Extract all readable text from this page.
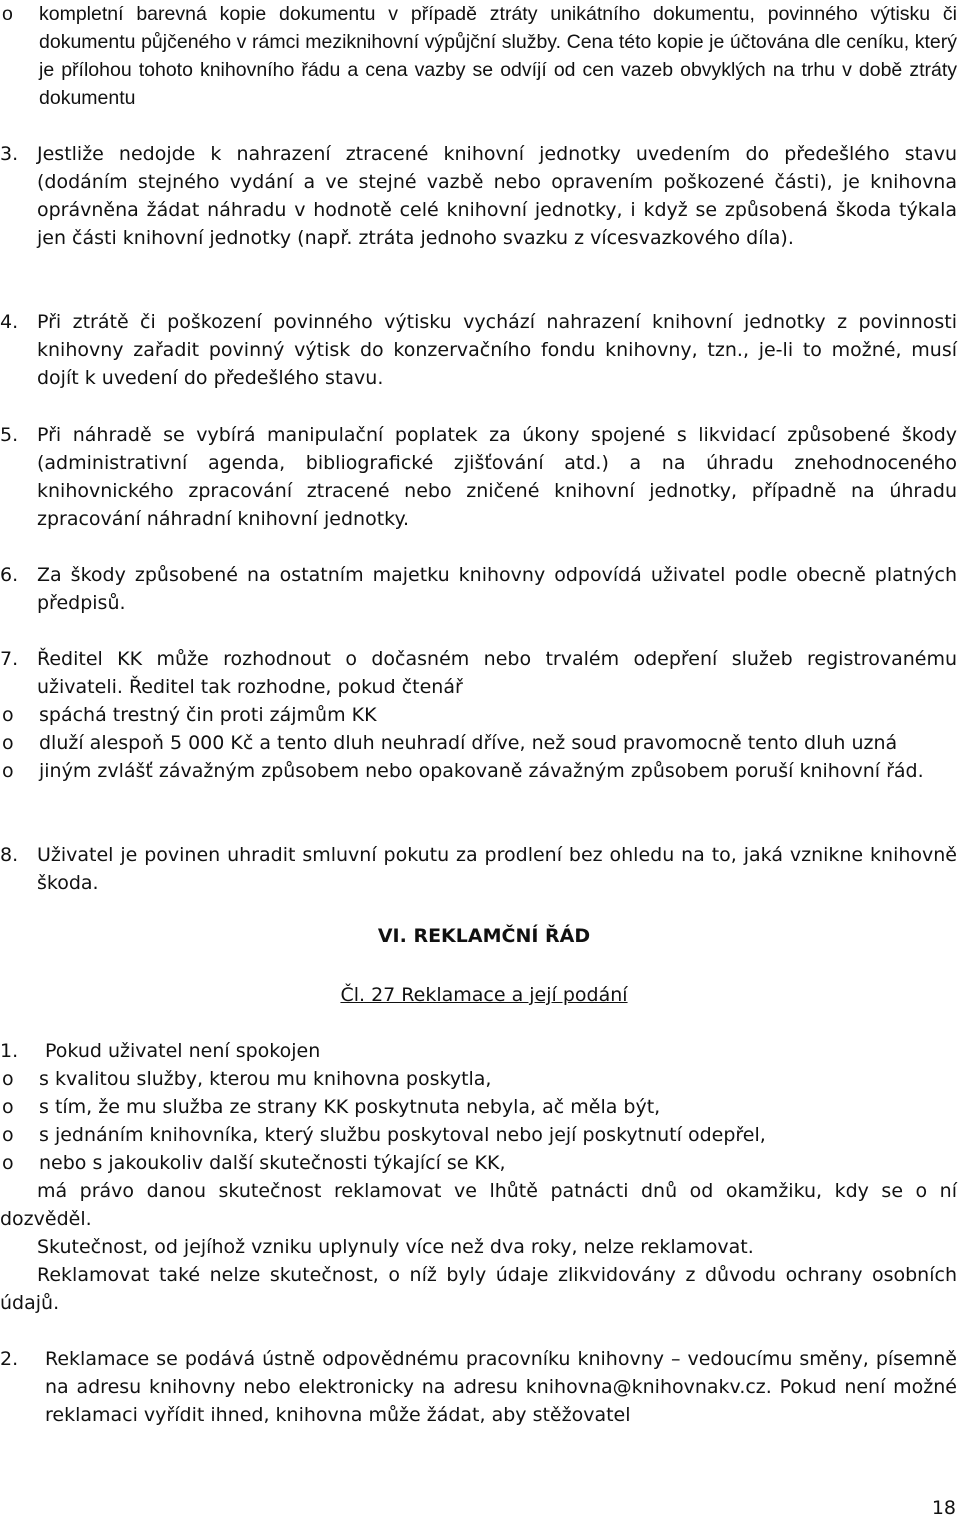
o	kompletní barevná kopie dokumentu v případě ztráty unikátního dokumentu, povinného výtisku či dokumentu půjčeného v rámci meziknihovní výpůjční služby. Cena této kopie je účtována dle ceníku, který je přílohou tohoto knihovního řádu a cena vazby se odvíjí od cen vazeb obvyklých na trhu v době ztráty dokumentu
3. Jestliže nedojde k nahrazení ztracené knihovní jednotky uvedením do předešlého stavu (dodáním stejného vydání a ve stejné vazbě nebo opravením poškozené části), je knihovna oprávněna žádat náhradu v hodnotě celé knihovní jednotky, i když se způsobená škoda týkala jen části knihovní jednotky (např. ztráta jednoho svazku z vícesvazkového díla).
4. Při ztrátě či poškození povinného výtisku vychází nahrazení knihovní jednotky z povinnosti knihovny zařadit povinný výtisk do konzervačního fondu knihovny, tzn., je-li to možné, musí dojít k uvedení do předešlého stavu.
5. Při náhradě se vybírá manipulační poplatek za úkony spojené s likvidací způsobené škody (administrativní agenda, bibliografické zjišťování atd.) a na úhradu znehodnoceného knihovnického zpracování ztracené nebo zničené knihovní jednotky, případně na úhradu zpracování náhradní knihovní jednotky.
6. Za škody způsobené na ostatním majetku knihovny odpovídá uživatel podle obecně platných předpisů.
7. Ředitel KK může rozhodnout o dočasném nebo trvalém odepření služeb registrovanému uživateli. Ředitel tak rozhodne, pokud čtenář
o	spáchá trestný čin proti zájmům KK
o	dluží alespoň 5 000 Kč a tento dluh neuhradí dříve, než soud pravomocně tento dluh uzná
o	jiným zvlášť závažným způsobem nebo opakovaně závažným způsobem poruší knihovní řád.
8. Uživatel je povinen uhradit smluvní pokutu za prodlení bez ohledu na to, jaká vznikne knihovně škoda.
VI. REKLAMČNÍ ŘÁD
Čl. 27 Reklamace a její podání
1.	Pokud uživatel není spokojen
o	s kvalitou služby, kterou mu knihovna poskytla,
o	s tím, že mu služba ze strany KK poskytnuta nebyla, ač měla být,
o	s jednáním knihovníka, který službu poskytoval nebo její poskytnutí odepřel,
o	nebo s jakoukoliv další skutečnosti týkající se KK,

má právo danou skutečnost reklamovat ve lhůtě patnácti dnů od okamžiku, kdy se o ní dozvěděl.

Skutečnost, od jejíhož vzniku uplynuly více než dva roky, nelze reklamovat.

Reklamovat také nelze skutečnost, o níž byly údaje zlikvidovány z důvodu ochrany osobních údajů.

2.	Reklamace se podává ústně odpovědnému pracovníku knihovny – vedoucímu směny, písemně na adresu knihovny nebo elektronicky na adresu knihovna@knihovnakv.cz. Pokud není možné reklamaci vyřídit ihned, knihovna může žádat, aby stěžovatel
18
